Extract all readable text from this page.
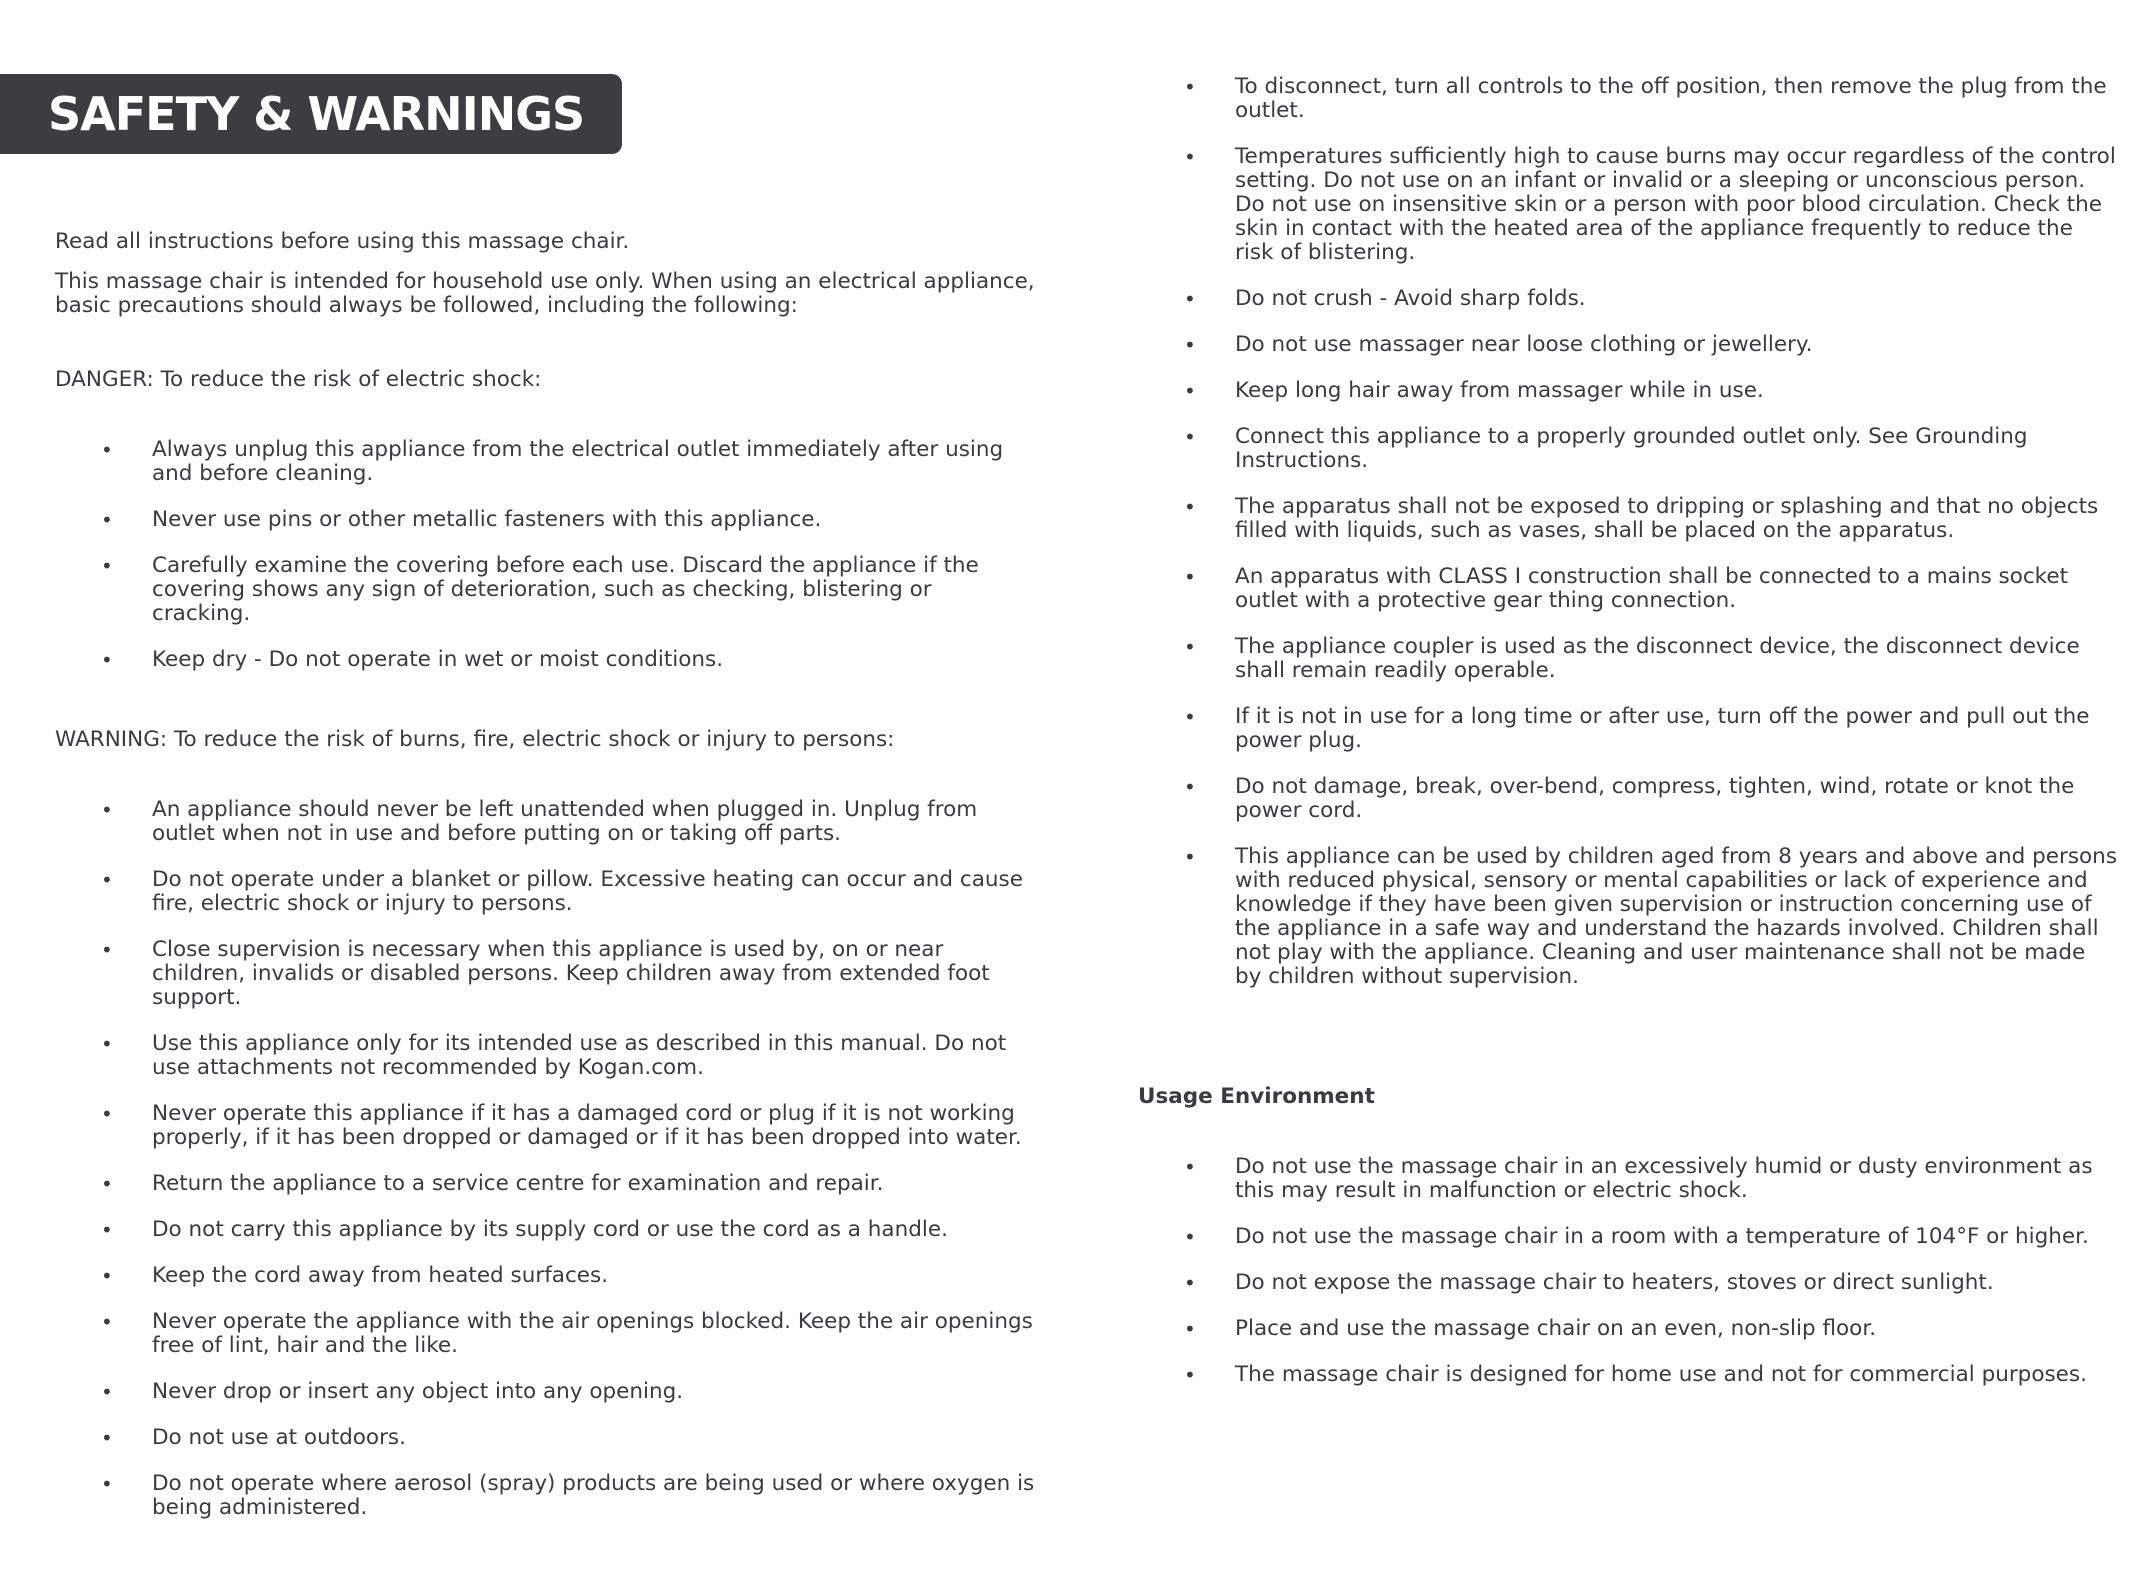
SAFETY & WARNINGS

Read all instructions before using this massage chair.

This massage chair is intended for household use only. When using an electrical appliance, basic precautions should always be followed, including the following:

DANGER: To reduce the risk of electric shock:

• Always unplug this appliance from the electrical outlet immediately after using and before cleaning.
• Never use pins or other metallic fasteners with this appliance.
• Carefully examine the covering before each use. Discard the appliance if the covering shows any sign of deterioration, such as checking, blistering or cracking.
• Keep dry - Do not operate in wet or moist conditions.

WARNING: To reduce the risk of burns, fire, electric shock or injury to persons:

• An appliance should never be left unattended when plugged in. Unplug from outlet when not in use and before putting on or taking off parts.
• Do not operate under a blanket or pillow. Excessive heating can occur and cause fire, electric shock or injury to persons.
• Close supervision is necessary when this appliance is used by, on or near children, invalids or disabled persons. Keep children away from extended foot support.
• Use this appliance only for its intended use as described in this manual. Do not use attachments not recommended by Kogan.com.
• Never operate this appliance if it has a damaged cord or plug if it is not working properly, if it has been dropped or damaged or if it has been dropped into water.
• Return the appliance to a service centre for examination and repair.
• Do not carry this appliance by its supply cord or use the cord as a handle.
• Keep the cord away from heated surfaces.
• Never operate the appliance with the air openings blocked. Keep the air openings free of lint, hair and the like.
• Never drop or insert any object into any opening.
• Do not use at outdoors.
• Do not operate where aerosol (spray) products are being used or where oxygen is being administered.
• To disconnect, turn all controls to the off position, then remove the plug from the outlet.
• Temperatures sufficiently high to cause burns may occur regardless of the control setting. Do not use on an infant or invalid or a sleeping or unconscious person. Do not use on insensitive skin or a person with poor blood circulation. Check the skin in contact with the heated area of the appliance frequently to reduce the risk of blistering.
• Do not crush - Avoid sharp folds.
• Do not use massager near loose clothing or jewellery.
• Keep long hair away from massager while in use.
• Connect this appliance to a properly grounded outlet only. See Grounding Instructions.
• The apparatus shall not be exposed to dripping or splashing and that no objects filled with liquids, such as vases, shall be placed on the apparatus.
• An apparatus with CLASS I construction shall be connected to a mains socket outlet with a protective gear thing connection.
• The appliance coupler is used as the disconnect device, the disconnect device shall remain readily operable.
• If it is not in use for a long time or after use, turn off the power and pull out the power plug.
• Do not damage, break, over-bend, compress, tighten, wind, rotate or knot the power cord.
• This appliance can be used by children aged from 8 years and above and persons with reduced physical, sensory or mental capabilities or lack of experience and knowledge if they have been given supervision or instruction concerning use of the appliance in a safe way and understand the hazards involved. Children shall not play with the appliance. Cleaning and user maintenance shall not be made by children without supervision.

Usage Environment

• Do not use the massage chair in an excessively humid or dusty environment as this may result in malfunction or electric shock.
• Do not use the massage chair in a room with a temperature of 104°F or higher.
• Do not expose the massage chair to heaters, stoves or direct sunlight.
• Place and use the massage chair on an even, non-slip floor.
• The massage chair is designed for home use and not for commercial purposes.
